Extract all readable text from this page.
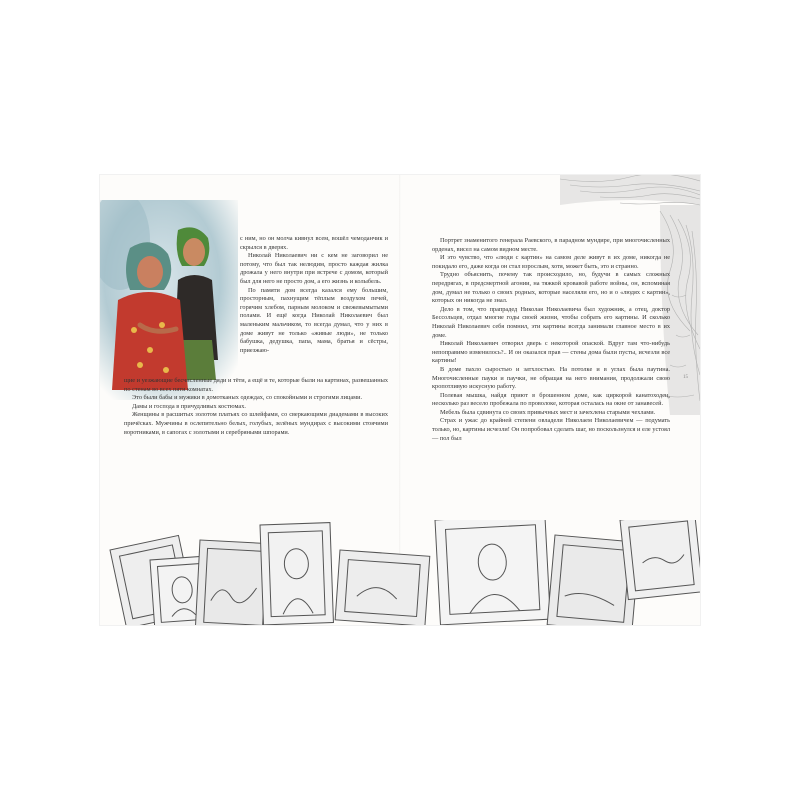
с ним, но он молча кивнул всем, вошёл чемоданчик и скрылся в дверях.

Николай Николаевич ни с кем не заговорил не потому, что был так нелюдим, просто каждая жилка дрожала у него внутри при встрече с домом, который был для него не просто дом, а его жизнь и колыбель.

По памяти дом всегда казался ему большим, просторным, пахнущим тёплым воздухом печей, горячим хлебом, парным молоком и свежевымытыми полами. И ещё когда Николай Николаевич был маленьким мальчиком, то всегда думал, что у них в доме живут не только «живые люди», не только бабушка, дедушка, папа, мама, братья и сёстры, приезжаю-

щие и уезжающие бесчисленные дяди и тёти, а ещё и те, которые были на картинах, развешанных по стенам во всех пяти комнатах.

Это были бабы и мужики в домотканых одеждах, со спокойными и строгими лицами.

Дамы и господа в причудливых костюмах.

Женщины в расшитых золотом платьях со шлейфами, со сверкающими диадемами в высоких причёсках. Мужчины в ослепительно белых, голубых, зелёных мундирах с высокими стоячими воротниками, в сапогах с золотыми и серебряными шпорами.

Портрет знаменитого генерала Раевского, в парадном мундире, при многочисленных орденах, висел на самом видном месте.

И это чувство, что «люди с картин» на самом деле живут в их доме, никогда не покидало его, даже когда он стал взрослым, хотя, может быть, это и странно.

Трудно объяснить, почему так происходило, но, будучи в самых сложных передрягах, в предсмертной агонии, на тяжкой кровавой работе войны, он, вспоминая дом, думал не только о своих родных, которые населяли его, но и о «людях с картин», которых он никогда не знал.

Дело в том, что прапрадед Николая Николаевича был художник, а отец, доктор Бессольцев, отдал многие годы своей жизни, чтобы собрать его картины. И сколько Николай Николаевич себя помнил, эти картины всегда занимали главное место в их доме.

Николай Николаевич отворил дверь с некоторой опаской. Вдруг там что-нибудь непоправимо изменилось?.. И он оказался прав — стены дома были пусты, исчезли все картины!

В доме пахло сыростью и затхлостью. На потолке и в углах была паутина. Многочисленные пауки и паучки, не обращая на него внимания, продолжали свою кропотливую искусную работу.

Полевая мышка, найдя приют в брошенном доме, как циркорой канатоходец, несколько раз весело пробежала по проволоке, которая осталась на окне от занавесей.

Мебель была сдвинута со своих привычных мест и зачехлена старыми чехлами.

Страх и ужас до крайней степени овладели Николаем Николаевичем — подумать только, но, картины исчезли! Он попробовал сделать шаг, но поскользнулся и еле устоял — пол был

15
